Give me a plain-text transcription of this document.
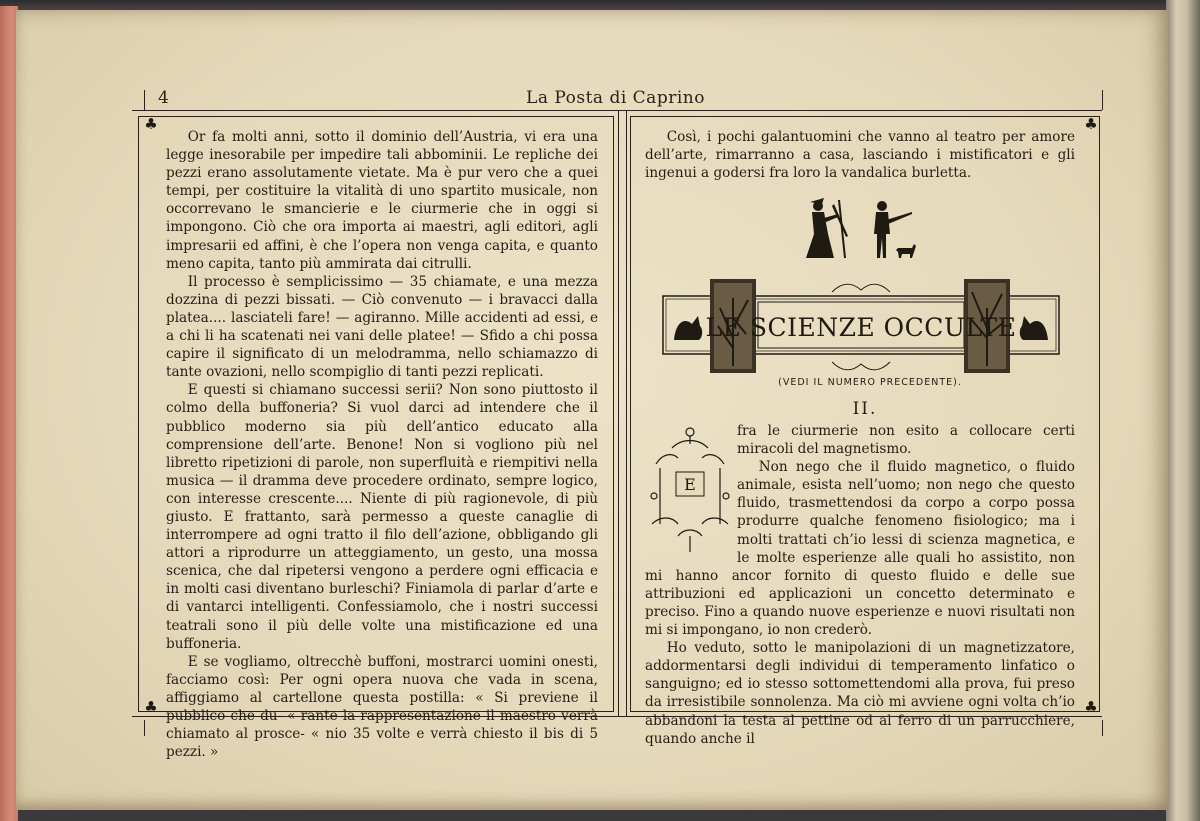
4	La Posta di Caprino
♣
♣
♣
♣

Or fa molti anni, sotto il dominio dell’Austria, vi era una legge inesorabile per impedire tali abbominii. Le repliche dei pezzi erano assolutamente vietate. Ma è pur vero che a quei tempi, per costituire la vitalità di uno spartito musicale, non occorrevano le smancierie e le ciurmerie che in oggi si impongono. Ciò che ora importa ai maestri, agli editori, agli impresarii ed affini, è che l’opera non venga capita, e quanto meno capita, tanto più ammirata dai citrulli.

Il processo è semplicissimo — 35 chiamate, e una mezza dozzina di pezzi bissati. — Ciò convenuto — i bravacci dalla platea.... lasciateli fare! — agiranno. Mille accidenti ad essi, e a chi li ha scatenati nei vani delle platee! — Sfido a chi possa capire il significato di un melodramma, nello schiamazzo di tante ovazioni, nello scompiglio di tanti pezzi replicati.

E questi si chiamano successi serii? Non sono piuttosto il colmo della buffoneria? Si vuol darci ad intendere che il pubblico moderno sia più dell’antico educato alla comprensione dell’arte. Benone! Non si vogliono più nel libretto ripetizioni di parole, non superfluità e riempitivi nella musica — il dramma deve procedere ordinato, sempre logico, con interesse crescente.... Niente di più ragionevole, di più giusto. E frattanto, sarà permesso a queste canaglie di interrompere ad ogni tratto il filo dell’azione, obbligando gli attori a riprodurre un atteggiamento, un gesto, una mossa scenica, che dal ripetersi vengono a perdere ogni efficacia e in molti casi diventano burleschi? Finiamola di parlar d’arte e di vantarci intelligenti. Confessiamolo, che i nostri successi teatrali sono il più delle volte una mistificazione ed una buffoneria.

E se vogliamo, oltrecchè buffoni, mostrarci uomini onesti, facciamo così: Per ogni opera nuova che vada in scena, affiggiamo al cartellone questa postilla: « Si previene il pubblico che du- « rante la rappresentazione il maestro verrà chiamato al prosce- « nio 35 volte e verrà chiesto il bis di 5 pezzi. »

Così, i pochi galantuomini che vanno al teatro per amore dell’arte, rimarranno a casa, lasciando i mistificatori e gli ingenui a godersi fra loro la vandalica burletta.

LE SCIENZE OCCULTE
(VEDI IL NUMERO PRECEDENTE).
II.
E

fra le ciurmerie non esito a collocare certi miracoli del magnetismo.

Non nego che il fluido magnetico, o fluido animale, esista nell’uomo; non nego che questo fluido, trasmettendosi da corpo a corpo possa produrre qualche fenomeno fisiologico; ma i molti trattati ch’io lessi di scienza magnetica, e le molte esperienze alle quali ho assistito, non mi hanno ancor fornito di questo fluido e delle sue attribuzioni ed applicazioni un concetto determinato e preciso. Fino a quando nuove esperienze e nuovi risultati non mi si impongano, io non crederò.

Ho veduto, sotto le manipolazioni di un magnetizzatore, addormentarsi degli individui di temperamento linfatico o sanguigno; ed io stesso sottomettendomi alla prova, fui preso da irresistibile sonnolenza. Ma ciò mi avviene ogni volta ch’io abbandoni la testa al pettine od al ferro di un parrucchiere, quando anche il
